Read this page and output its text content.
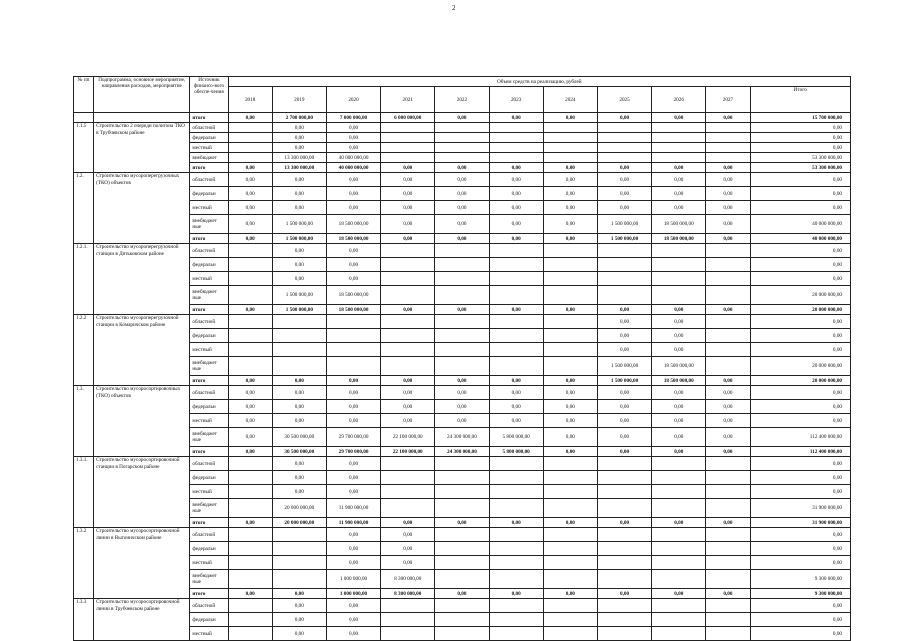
2
№ пп	Подпрограмма, основное мероприятие, направления расходов, мероприятие	Источник финансо-вого обеспе-чения	Объем средств на реализацию, рублей										
			2018	2019	2020	2021	2022	2023	2024	2025	2026	2027	Итого
		итого	0,00	2 700 000,00	7 000 000,00	6 000 000,00	0,00	0,00	0,00	0,00	0,00	0,00	15 700 000,00
1.1.5	Строительство 2 очереди полигона ТКО в Трубчевском районе	областной		0,00	0,00								0,00
		федеральн		0,00	0,00								0,00
		местный		0,00	0,00								0,00
		внебюджет		13 300 000,00	40 000 000,00								53 300 000,00
		итого	0,00	13 300 000,00	40 000 000,00	0,00	0,00	0,00	0,00	0,00	0,00	0,00	53 300 000,00
1.2.	Строительство мусороперегрузочных (ТКО) объектов	областной	0,00	0,00	0,00	0,00	0,00	0,00	0,00	0,00	0,00	0,00	0,00
		федеральн	0,00	0,00	0,00	0,00	0,00	0,00	0,00	0,00	0,00	0,00	0,00
		местный	0,00	0,00	0,00	0,00	0,00	0,00	0,00	0,00	0,00	0,00	0,00
		внебюджет ные	0,00	1 500 000,00	18 500 000,00	0,00	0,00	0,00	0,00	1 500 000,00	18 500 000,00	0,00	40 000 000,00
		итого	0,00	1 500 000,00	18 500 000,00	0,00	0,00	0,00	0,00	1 500 000,00	18 500 000,00	0,00	40 000 000,00
1.2.1.	Строительство мусороперегрузочной станции в Дятьковском районе	областной		0,00	0,00								0,00
		федеральн		0,00	0,00								0,00
		местный		0,00	0,00								0,00
		внебюджет ные		1 500 000,00	18 500 000,00								20 000 000,00
		итого	0,00	1 500 000,00	18 500 000,00	0,00	0,00	0,00	0,00	0,00	0,00	0,00	20 000 000,00
1.2.2	Строительство мусороперегрузочной станции в Комаричском районе	областной								0,00	0,00		0,00
		федеральн								0,00	0,00		0,00
		местный								0,00	0,00		0,00
		внебюджет ные								1 500 000,00	18 500 000,00		20 000 000,00
		итого	0,00	0,00	0,00	0,00	0,00	0,00	0,00	1 500 000,00	18 500 000,00	0,00	20 000 000,00
1.3.	Строительство мусоросортировочных (ТКО) объектов	областной	0,00	0,00	0,00	0,00	0,00	0,00	0,00	0,00	0,00	0,00	0,00
		федеральн	0,00	0,00	0,00	0,00	0,00	0,00	0,00	0,00	0,00	0,00	0,00
		местный	0,00	0,00	0,00	0,00	0,00	0,00	0,00	0,00	0,00	0,00	0,00
		внебюджет ные	0,00	30 500 000,00	29 700 000,00	22 100 000,00	24 300 000,00	5 800 000,00	0,00	0,00	0,00	0,00	112 400 000,00
		итого	0,00	30 500 000,00	29 700 000,00	22 100 000,00	24 300 000,00	5 800 000,00	0,00	0,00	0,00	0,00	112 400 000,00
1.3.1.	Строительство мусоросортировочной станции в Погарском районе	областной		0,00	0,00								0,00
		федеральн		0,00	0,00								0,00
		местный		0,00	0,00								0,00
		внебюджет ные		20 000 000,00	11 900 000,00								31 900 000,00
		итого	0,00	20 000 000,00	11 900 000,00	0,00	0,00	0,00	0,00	0,00	0,00	0,00	31 900 000,00
1.3.2	Строительство мусоросортировочной линии в Выгоничском районе	областной			0,00	0,00							0,00
		федеральн			0,00	0,00							0,00
		местный			0,00	0,00							0,00
		внебюджет ные			1 000 000,00	8 300 000,00							9 300 000,00
		итого	0,00	0,00	1 000 000,00	8 300 000,00	0,00	0,00	0,00	0,00	0,00	0,00	9 300 000,00
1.3.3	Строительство мусоросортировочной линии в Трубчевском районе	областной		0,00	0,00								0,00
		федеральн		0,00	0,00								0,00
		местный		0,00	0,00								0,00
